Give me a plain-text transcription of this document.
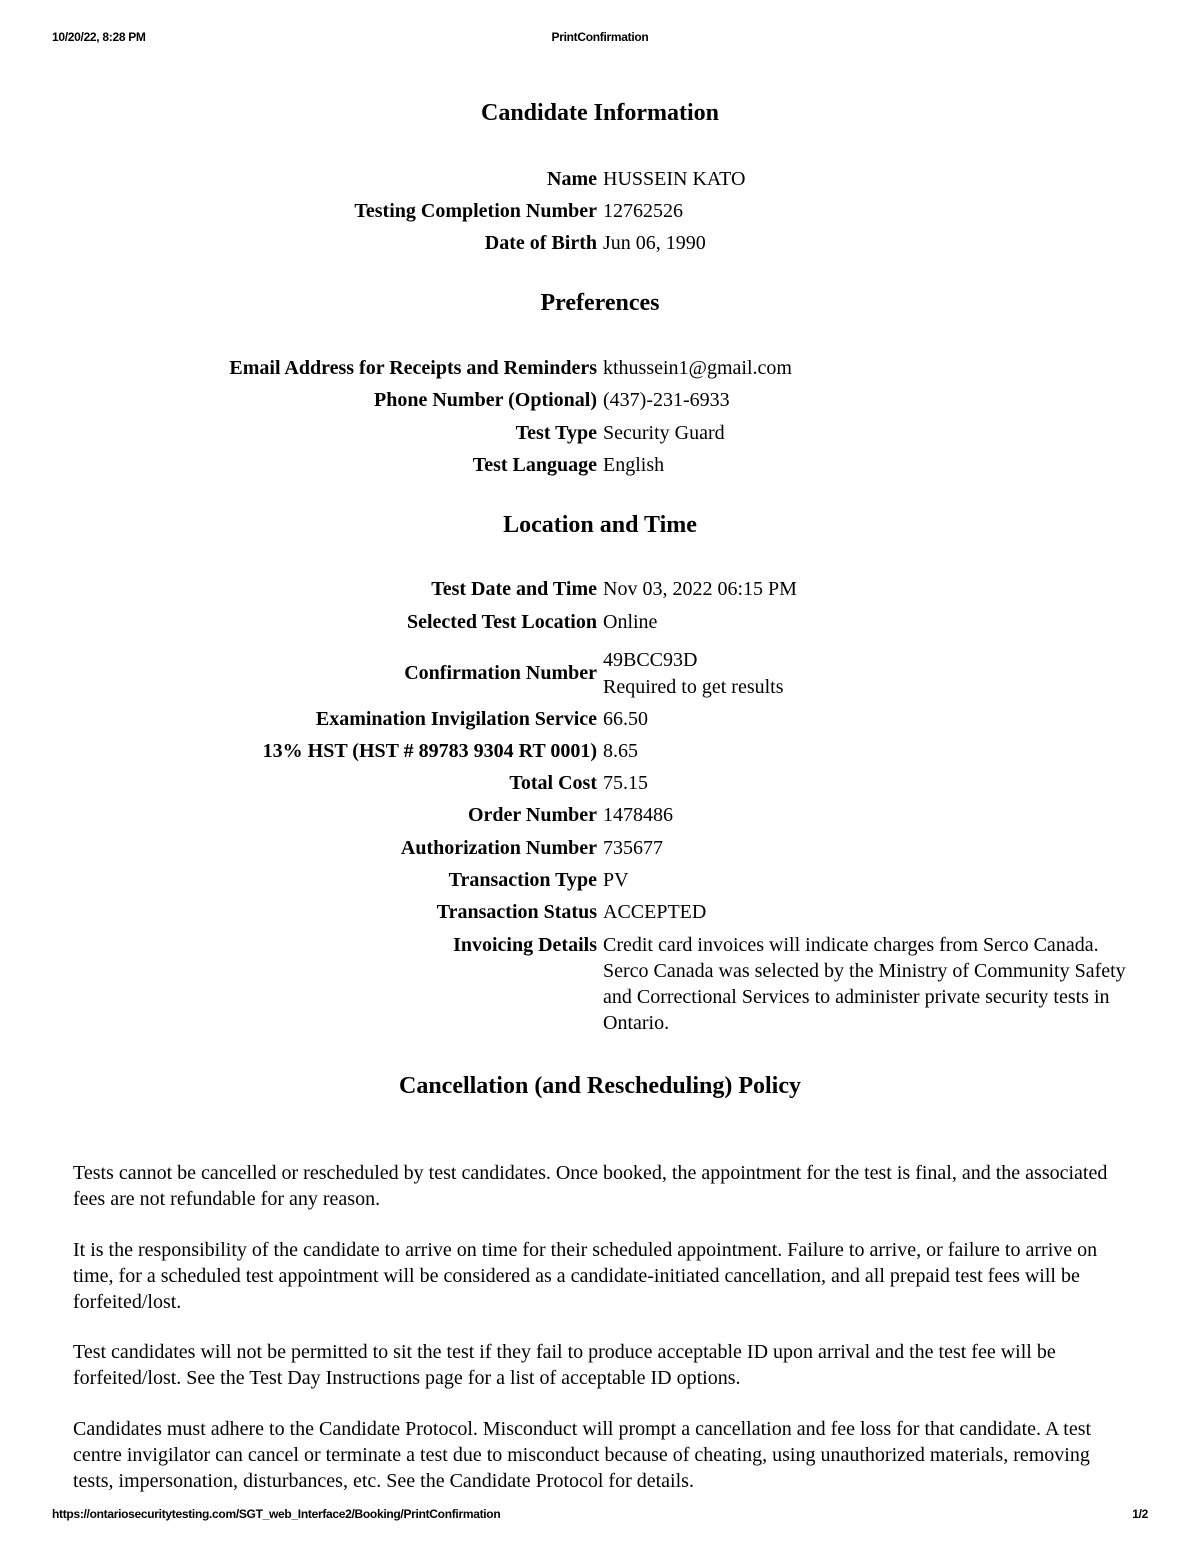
10/20/22, 8:28 PM	PrintConfirmation
Candidate Information
Name HUSSEIN KATO
Testing Completion Number 12762526
Date of Birth Jun 06, 1990
Preferences
Email Address for Receipts and Reminders kthussein1@gmail.com
Phone Number (Optional) (437)-231-6933
Test Type Security Guard
Test Language English
Location and Time
Test Date and Time Nov 03, 2022 06:15 PM
Selected Test Location Online
Confirmation Number
49BCC93D
Required to get results
Examination Invigilation Service 66.50
13% HST (HST # 89783 9304 RT 0001) 8.65
Total Cost 75.15
Order Number 1478486
Authorization Number 735677
Transaction Type PV
Transaction Status ACCEPTED
Invoicing Details Credit card invoices will indicate charges from Serco Canada. Serco Canada was selected by the Ministry of Community Safety and Correctional Services to administer private security tests in Ontario.
Cancellation (and Rescheduling) Policy

Tests cannot be cancelled or rescheduled by test candidates. Once booked, the appointment for the test is final, and the associated fees are not refundable for any reason.

It is the responsibility of the candidate to arrive on time for their scheduled appointment. Failure to arrive, or failure to arrive on time, for a scheduled test appointment will be considered as a candidate-initiated cancellation, and all prepaid test fees will be forfeited/lost.

Test candidates will not be permitted to sit the test if they fail to produce acceptable ID upon arrival and the test fee will be forfeited/lost. See the Test Day Instructions page for a list of acceptable ID options.

Candidates must adhere to the Candidate Protocol. Misconduct will prompt a cancellation and fee loss for that candidate. A test centre invigilator can cancel or terminate a test due to misconduct because of cheating, using unauthorized materials, removing tests, impersonation, disturbances, etc. See the Candidate Protocol for details.

https://ontariosecuritytesting.com/SGT_web_Interface2/Booking/PrintConfirmation	1/2
